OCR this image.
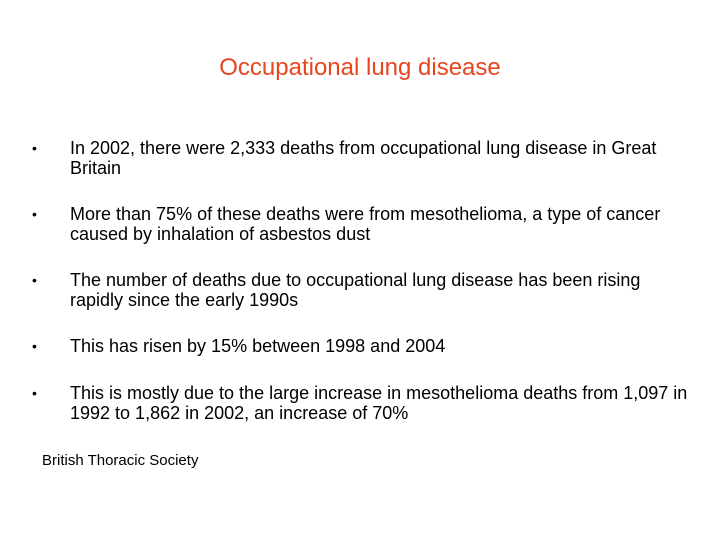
Occupational lung disease
•	In 2002, there were 2,333 deaths from occupational lung disease in Great Britain
•	More than 75% of these deaths were from mesothelioma, a type of cancer caused by inhalation of asbestos dust
•	The number of deaths due to occupational lung disease has been rising rapidly since the early 1990s
•	This has risen by 15% between 1998 and 2004
•	This is mostly due to the large increase in mesothelioma deaths from 1,097 in 1992 to 1,862 in 2002, an increase of 70%
British Thoracic Society
